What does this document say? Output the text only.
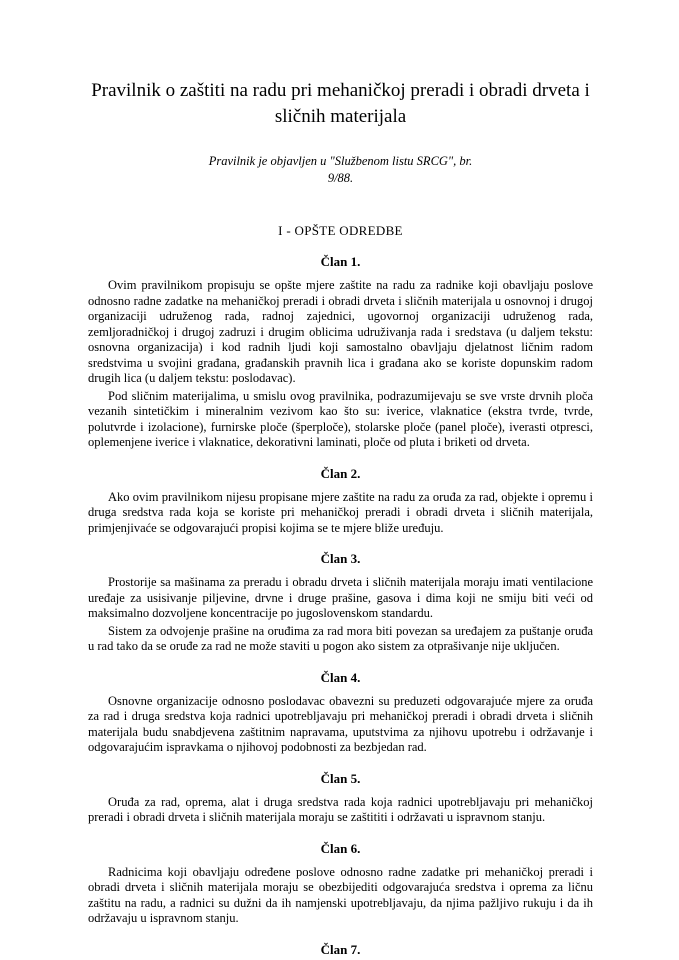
Pravilnik o zaštiti na radu pri mehaničkoj preradi i obradi drveta i sličnih materijala
Pravilnik je objavljen u "Službenom listu SRCG", br.
9/88.
I - OPŠTE ODREDBE
Član 1.

Ovim pravilnikom propisuju se opšte mjere zaštite na radu za radnike koji obavljaju poslove odnosno radne zadatke na mehaničkoj preradi i obradi drveta i sličnih materijala u osnovnoj i drugoj organizaciji udruženog rada, radnoj zajednici, ugovornoj organizaciji udruženog rada, zemljoradničkoj i drugoj zadruzi i drugim oblicima udruživanja rada i sredstava (u daljem tekstu: osnovna organizacija) i kod radnih ljudi koji samostalno obavljaju djelatnost ličnim radom sredstvima u svojini građana, građanskih pravnih lica i građana ako se koriste dopunskim radom drugih lica (u daljem tekstu: poslodavac).

Pod sličnim materijalima, u smislu ovog pravilnika, podrazumijevaju se sve vrste drvnih ploča vezanih sintetičkim i mineralnim vezivom kao što su: iverice, vlaknatice (ekstra tvrde, tvrde, polutvrde i izolacione), furnirske ploče (šperploče), stolarske ploče (panel ploče), iverasti otpresci, oplemenjene iverice i vlaknatice, dekorativni laminati, ploče od pluta i briketi od drveta.

Član 2.

Ako ovim pravilnikom nijesu propisane mjere zaštite na radu za oruđa za rad, objekte i opremu i druga sredstva rada koja se koriste pri mehaničkoj preradi i obradi drveta i sličnih materijala, primjenjivaće se odgovarajući propisi kojima se te mjere bliže uređuju.

Član 3.

Prostorije sa mašinama za preradu i obradu drveta i sličnih materijala moraju imati ventilacione uređaje za usisivanje piljevine, drvne i druge prašine, gasova i dima koji ne smiju biti veći od maksimalno dozvoljene koncentracije po jugoslovenskom standardu.

Sistem za odvojenje prašine na oruđima za rad mora biti povezan sa uređajem za puštanje oruđa u rad tako da se oruđe za rad ne može staviti u pogon ako sistem za otprašivanje nije uključen.

Član 4.

Osnovne organizacije odnosno poslodavac obavezni su preduzeti odgovarajuće mjere za oruđa za rad i druga sredstva koja radnici upotrebljavaju pri mehaničkoj preradi i obradi drveta i sličnih materijala budu snabdjevena zaštitnim napravama, uputstvima za njihovu upotrebu i održavanje i odgovarajućim ispravkama o njihovoj podobnosti za bezbjedan rad.

Član 5.

Oruđa za rad, oprema, alat i druga sredstva rada koja radnici upotrebljavaju pri mehaničkoj preradi i obradi drveta i sličnih materijala moraju se zaštititi i održavati u ispravnom stanju.

Član 6.

Radnicima koji obavljaju određene poslove odnosno radne zadatke pri mehaničkoj preradi i obradi drveta i sličnih materijala moraju se obezbijediti odgovarajuća sredstva i oprema za ličnu zaštitu na radu, a radnici su dužni da ih namjenski upotrebljavaju, da njima pažljivo rukuju i da ih održavaju u ispravnom stanju.

Član 7.
